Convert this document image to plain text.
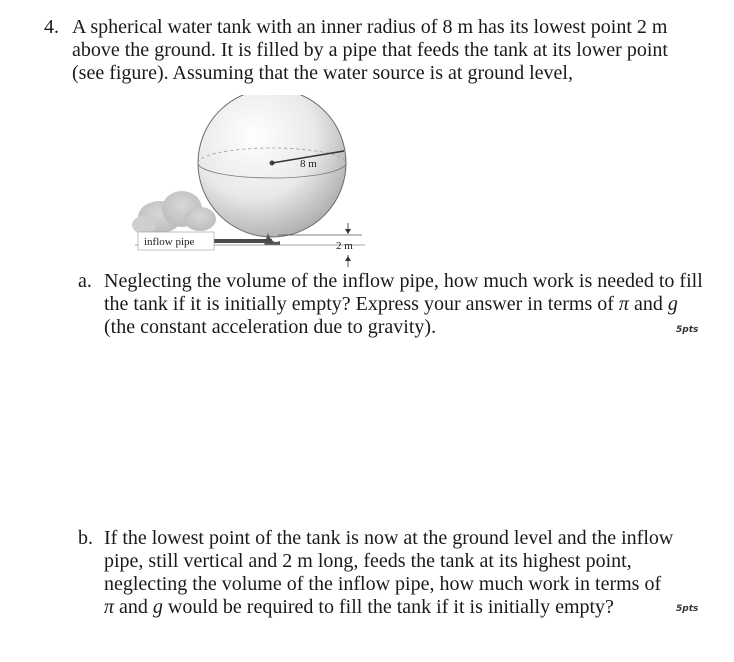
4. A spherical water tank with an inner radius of 8 m has its lowest point 2 m
above the ground. It is filled by a pipe that feeds the tank at its lower point
(see figure). Assuming that the water source is at ground level,
8 m
inflow pipe	2 m
a. Neglecting the volume of the inflow pipe, how much work is needed to fill
the tank if it is initially empty? Express your answer in terms of π and g
(the constant acceleration due to gravity).	5pts
b. If the lowest point of the tank is now at the ground level and the inflow
pipe, still vertical and 2 m long, feeds the tank at its highest point,
neglecting the volume of the inflow pipe, how much work in terms of
π and g would be required to fill the tank if it is initially empty?	5pts
